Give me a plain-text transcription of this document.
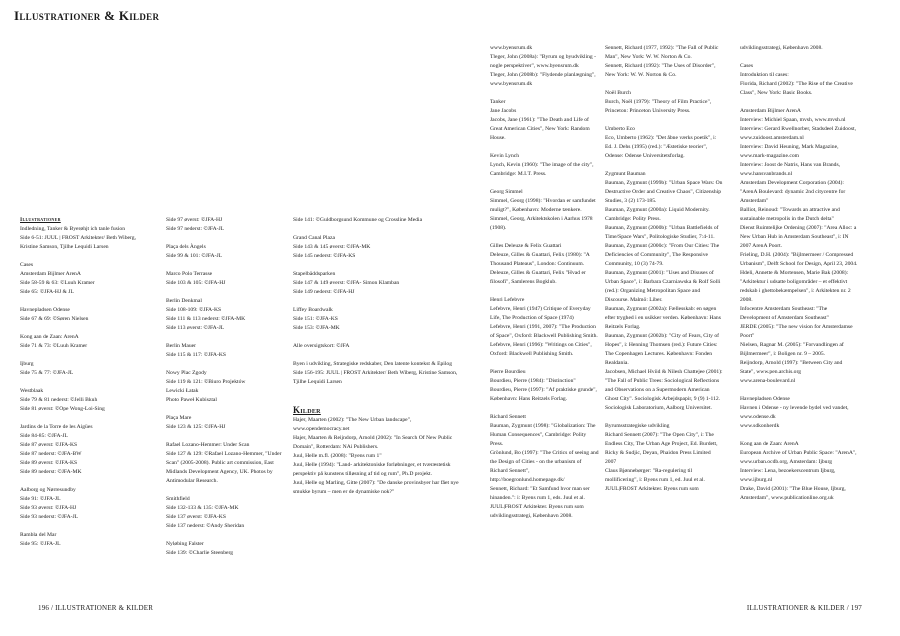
Illustrationer & Kilder

Illustrationer

Indledning, Tanker & Byerøhjt ich tanle fusion

Side 6-51: JUUL | FROST Arkitekter/ Beth Wiberg, Kristine Samson, Tjilhe Lequidi Larsen

Cases

Amsterdam Bijlmer ArenA

Side 58-59 & 63: ©Luuh Kramer

Side 65: ©JFA-HJ & JL

Havnepladsen Odense

Side 67 & 69: ©Søren Nielsen

Kong aan de Zaan: ArenA

Side 71 & 73: ©Luuh Kramer

Ijburg

Side 75 & 77: ©JFA-JL

Westblaak

Side 79 & 81 nederst: ©Jelli Bkuh

Side 81 øverst: ©Ope Wong-Loi-Sing

Jardins de la Torre de les Aigües

Side 84-85: ©JFA-JL

Side 87 øverst: ©JFA-KS

Side 87 nederst: ©JFA-BW

Side 89 øverst: ©JFA-KS

Side 89 nederst: ©JFA-MK

Aalborg og Nørresundby

Side 91: ©JFA-JL

Side 93 øverst: ©JFA-HJ

Side 93 nederst: ©JFA-JL

Rambla del Mar

Side 95: ©JFA-JL

Side 97 øverst: ©JFA-HJ

Side 97 nederst: ©JFA-JL

Plaça dels Àngels

Side 99 & 101: ©JFA-JL

Marco Polo Terrasse

Side 103 & 105: ©JFA-HJ

Berlin Denkmal

Side 108-109: ©JFA-KS

Side 111 & 113 nederst: ©JFA-MK

Side 113 øverst: ©JFA-JL

Berlin Mauer

Side 115 & 117: ©JFA-KS

Nowy Plac Zgody

Side 119 & 121: ©Biuro Projektów

Lewicki Łatak

Photo Paweł Kubisztal

Plaça Mare

Side 123 & 125: ©JFA-HJ

Rafael Lozano-Hemmer: Under Scan

Side 127 & 129: ©Rafael Lozano-Hemmer, "Under Scan" (2005-2008). Public art commission, East Midlands Development Agency, UK. Photos by Antimodular Research.

Smithfield

Side 132-133 & 135: ©JFA-MK

Side 137 øverst: ©JFA-KS

Side 137 nederst: ©Andy Sheridan

Nyløbing Falster

Side 139: ©Charlie Steenberg

Side 141: ©Guldborgsund Kommune og Crossline Media

Grand Canal Plaza

Side 143 & 145 øverst: ©JFA-MK

Side 145 nederst: ©JFA-KS

Stapelbäddsparken

Side 147 & 149 øverst: ©JFA- Simon Klamban

Side 149 nederst: ©JFA-HJ

Liffey Boardwalk

Side 151: ©JFA-KS

Side 153: ©JFA-MK

Alle oversigtskort: ©JFA

Byen i udvikling, Strategiske redskaber, Den latente kontekst & Epilog

Side 156-195: JUUL | FROST Arkitekter/ Beth Wiberg, Kristine Samson, Tjilhe Lequidi Larsen

Kilder

Hajer, Maarten (2002): "The New Urban landscape", www.opendemocracy.net

Hajer, Maarten & Reijndorp, Arnold (2002): "In Search Of New Public Domain", Rotterdam: NAi Publishers.

Juul, Helle m.fl. (2008): "Byens rum 1"

Juul, Helle (1994): "Land- arkitektoniske forløbninger, et tværæstetisk perspektiv på kunstens tilløsning af tid og rum", Ph.D projekt.

Juul, Helle og Marling, Gitte (2007): "De danske provinsbyer har fået nye smukke byrum – men er de dynamiske nok?"

www.byensrum.dk

Tleger, John (2008a): "Byrum og byudvikling - nogle perspektiver", www.byensrum.dk

Tleger, John (2008b): "Flydende planlægning", www.byensrum.dk

Tanker

Jane Jacobs

Jacobs, Jane (1961): "The Death and Life of Great American Cities", New York: Random House.

Kevin Lynch

Lynch, Kevin (1960): "The image of the city", Cambridge: M.I.T. Press.

Georg Simmel

Simmel, Georg (1998): "Hvordan er samfundet muligt?", København: Moderne tænkere.

Simmel, Georg, Arkitektskolen i Aarhus 1978 (1908).

Gilles Deleuze & Felix Guattari

Deleuze, Gilles & Guattari, Felix (1980): "A Thousand Plateaus", London: Continuum.

Deleuze, Gilles & Guattari, Felix "Hvad er filosofi", Samlerens Bogklub.

Henri Lefebvre

Lefebvre, Henri (1947) Critique of Everyday Life, The Production of Space (1974)

Lefebvre, Henri (1991, 2007): "The Production of Space", Oxford: Blackwell Publishing Smith.

Lefebvre, Henri (1996): "Writings on Cities", Oxford: Blackwell Publishing Smith.

Pierre Bourdieu

Bourdieu, Pierre (1984): "Distinction"

Bourdieu, Pierre (1997): "Af praktiske grunde", København: Hans Reitzels Forlag.

Richard Sennett

Bauman, Zygmunt (1998): "Globalization: The Human Consequences", Cambridge: Polity Press.

Grönlund, Bo (1997): "The Critics of seeing and the Design of Cities - on the urbanism of Richard Sennett", http://boegronlund.homepage.dk/

Sennett, Richard: "Et Samfund hvor man ser hinanden.": i: Byens rum 1, eds. Juul et al. JUUL|FROST Arkitekter. Byens rum som udviklingsstrategi, København 2008.

Sennett, Richard (1977, 1992): "The Fall of Public Man", New York: W. W. Norton & Co.

Sennett, Richard (1992): "The Uses of Disorder", New York: W. W. Norton & Co.

Noël Burch

Burch, Noël (1979): "Theory of Film Practice", Princeton: Princeton University Press.

Umberto Eco

Eco, Umberto (1962): "Det åbne værks poetik", i: Ed. J. Dehs (1995) (red.): "Æstetiske teorier", Odense: Odense Universitetsforlag.

Zygmunt Bauman

Bauman, Zygmunt (1999b): "Urban Space Wars: On Destructive Order and Creative Chaos", Citizenship Studies, 3 (2) 173-185.

Bauman, Zygmunt (2000a): Liquid Modernity. Cambridge: Polity Press.

Bauman, Zygmunt (2000b): "Urban Battlefields of Time/Space Wars", Politologiske Studier, 7:4-11.

Bauman, Zygmunt (2000c): "From Our Cities: The Deficiencies of Community", The Responsive Community, 10 (3) 74-79.

Bauman, Zygmunt (2001): "Uses and Disuses of Urban Space", i: Barbara Czarniawska & Rolf Solli (red.): Organizing Metropolitan Space and Discourse. Malmö: Liber.

Bauman, Zygmunt (2002a): Fællesskab: en søgen efter tryghed i en usikker verden. København: Hans Reitzels Forlag.

Bauman, Zygmunt (2002b): "City of Fears, City of Hopes", i: Henning Thomsen (red.): Future Cities: The Copenhagen Lectures. København: Fonden Realdania.

Jacobsen, Michael Hviid & Nilesh Chattejee (2001): "The Fall of Public Trees: Sociological Reflections and Observations on a Supermodern American Ghost City". Sociologisk Arbejdspapir, 9 (9) 1-112. Sociologisk Laboratorium, Aalborg Universitet.

Byrumsstrategiske udvikling

Richard Sennett (2007): "The Open City", i: The Endless City, The Urban Age Project, Ed. Burdett, Ricky & Sudjic, Deyan, Phaidon Press Limited 2007

Claus Bjønnebørger: "Ra-regulering til mollificering", i: Byens rum 1, ed. Juul et al. JUUL|FROST Arkitekter. Byens rum som

udviklingsstrategi, København 2008.

Cases

Introduktion til cases:

Florida, Richard (2002): "The Rise of the Creative Class", New York: Basic Books.

Amsterdam Bijlmer ArenA

Interview: Michiel Spaan, mvsh, www.mvsh.nl

Interview: Gerard Rwellnorber, Stadsdeel Zuidoost, www.zuidoost.amsterdam.nl

Interview: David Heuning, Mark Magazine, www.mark-magazine.com

Interview: Joost de Natris, Hans van Brands, www.hansvanbrands.nl

Amsterdam Development Corporation (2004): "ArenA Boulevard: dynamic 2nd citycentre for Amsterdam"

Balliot, Reinoud: "Towards an attractive and sustainable metropolis in the Dutch delta"

Dienst Ruimtelijke Ordening (2007): "Area Alloc: a New Urban Hub in Amsterdam Southeast", i: IN 2007 ArenA Poort.

Frieling, D.H. (2004): "Bijlmermeer / Compressed Urbanism", Delft School for Design, April 23, 2004.

Hdeli, Annette & Mortensen, Marie Bak (2008): "Arkitektur i udsatte boligområder – et effektivt redskab i ghettobekæmpelsen", i: Arkitekten nr. 2 2008.

Infocentre Amsterdam Southeast: "The Development of Amsterdam Southeast"

JERDE (2005): "The new vision for Amsterdamse Poort"

Nielsen, Ragnar M. (2005): "Forvandlingen af Bijlmermeer", i: Boligen nr. 9 – 2005.

Reijndorp, Arnold (1997): "Between City and State", www.pen.archis.org

www.arena-boulevard.nl

Havnepladsen Odense

Havnen i Odense - ny levende bydel ved vandet, www.odense.dk

www.sdkonherdk

Kong aan de Zaan: ArenA

European Archive of Urban Public Space: "ArenA", www.urban.ocdb.org, Amsterdam: Ijburg

Interview: Lena, bezoekerscentrum Ijburg, www.ijburg.nl

Drake, David (2001): "The Blue House, Ijburg, Amsterdam", www.publicationline.org.uk

196 / ILLUSTRATIONER & KILDER	ILLUSTRATIONER & KILDER / 197
